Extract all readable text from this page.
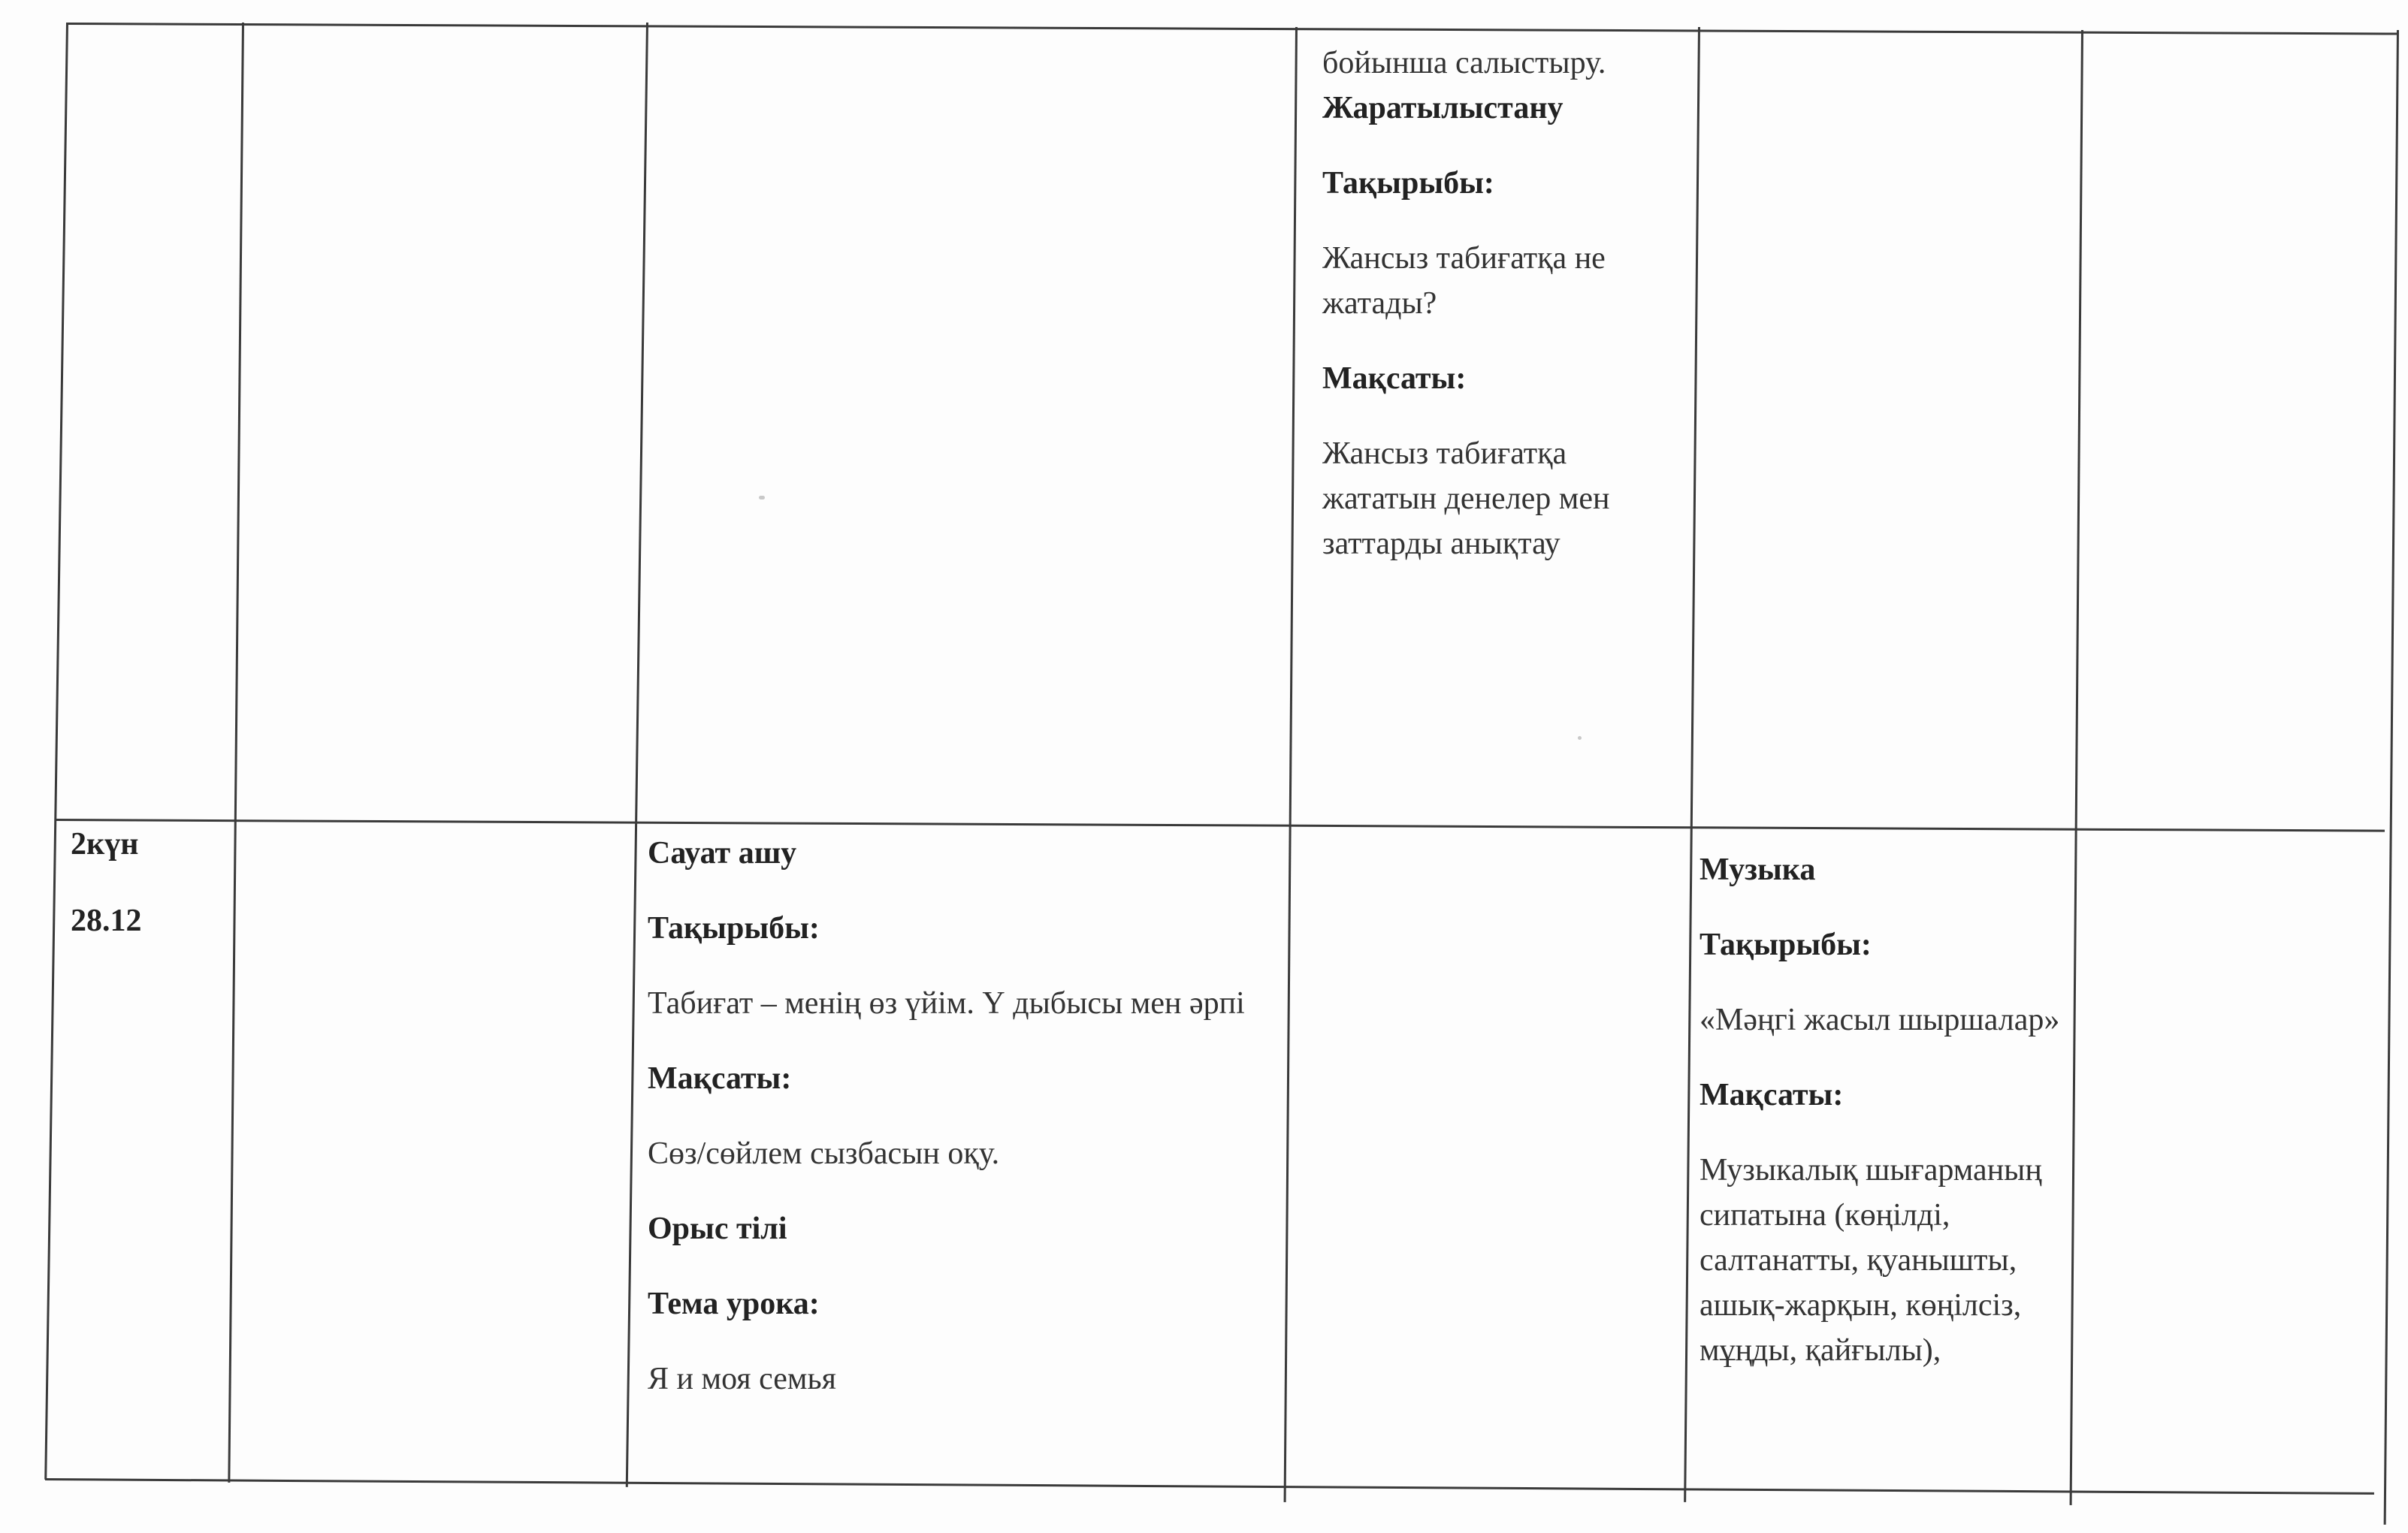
бойынша салыстыру.

Жаратылыстану

Тақырыбы:

Жансыз табиғатқа не жатады?

Мақсаты:

Жансыз табиғатқа жататын денелер мен заттарды анықтау

2күн

28.12

Сауат ашу

Тақырыбы:

Табиғат – менің өз үйім. Ү дыбысы мен әрпі

Мақсаты:

Сөз/сөйлем сызбасын оқу.

Орыс тілі

Тема урока:

Я и моя семья

Музыка

Тақырыбы:

«Мәңгі жасыл шыршалар»

Мақсаты:

Музыкалық шығарманың сипатына (көңілді, салтанатты, қуанышты, ашық-жарқын, көңілсіз, мұңды, қайғылы),
